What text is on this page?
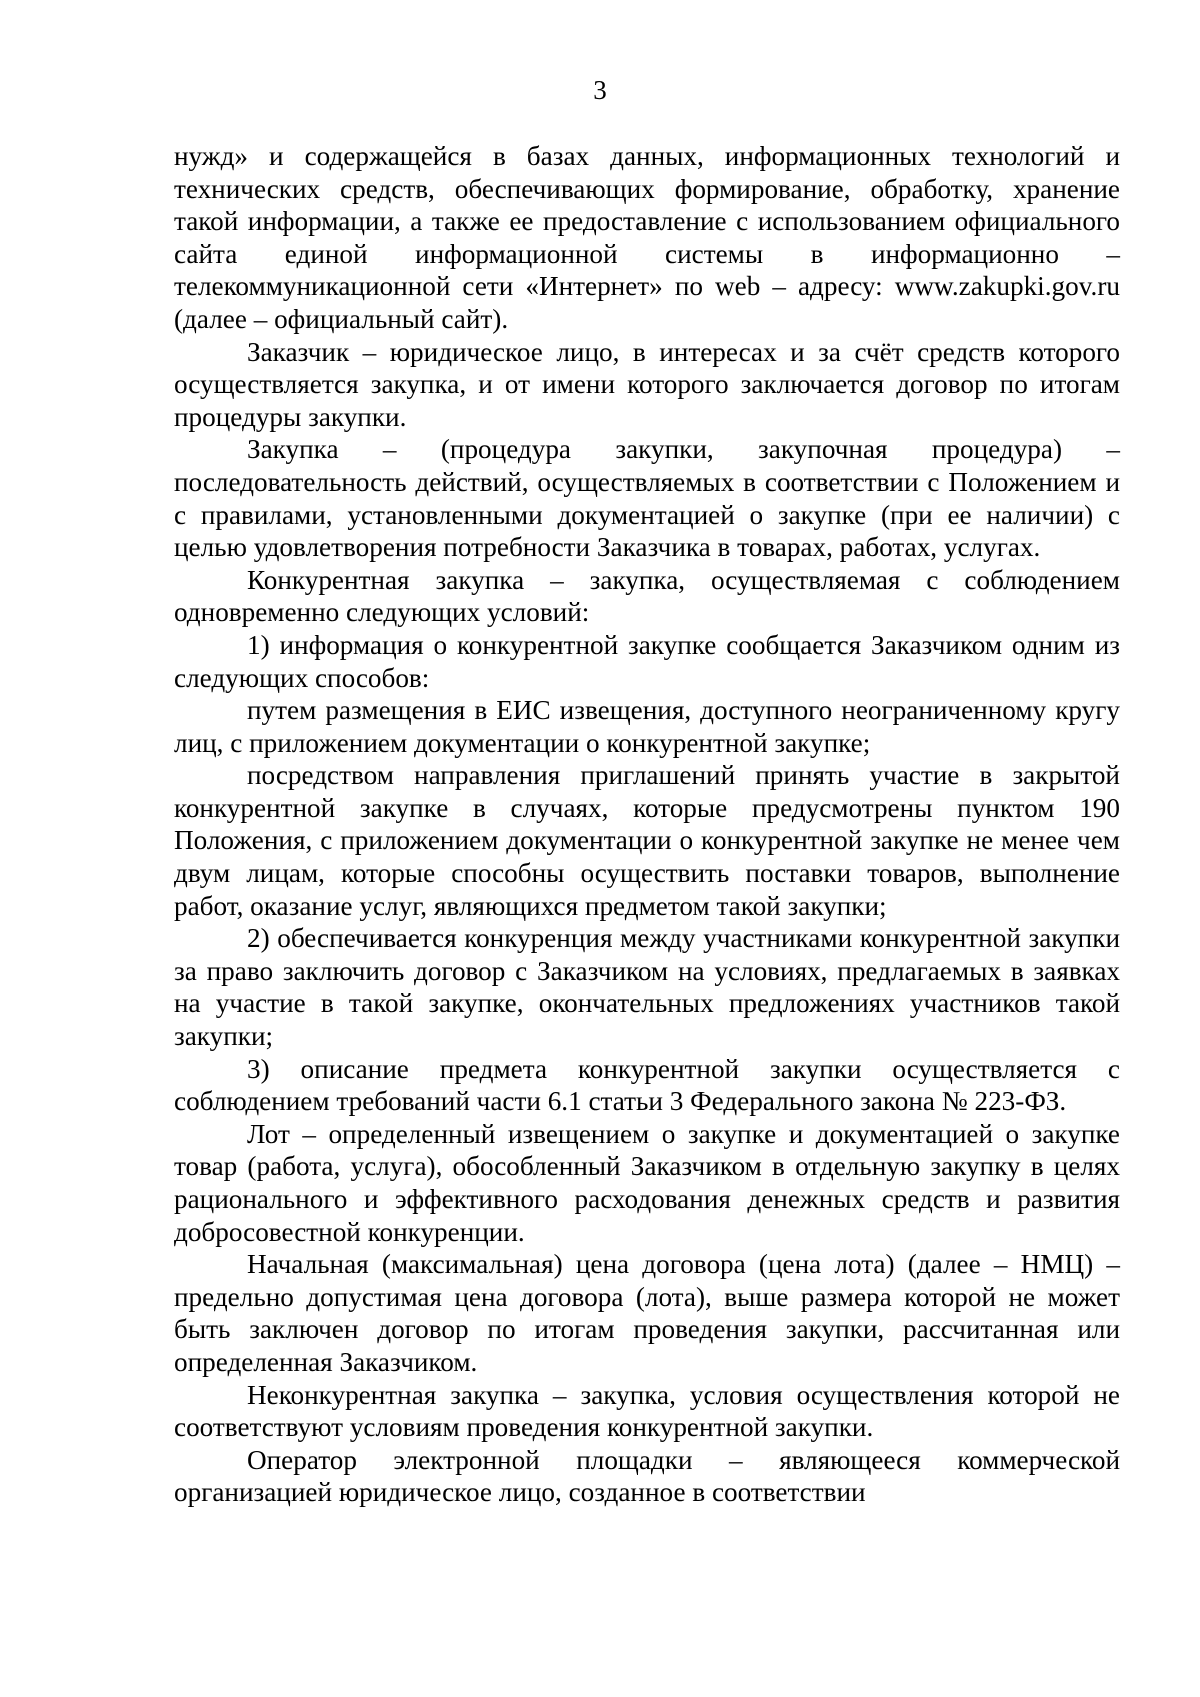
3

нужд» и содержащейся в базах данных, информационных технологий и технических средств, обеспечивающих формирование, обработку, хранение такой информации, а также ее предоставление с использованием официального сайта единой информационной системы в информационно – телекоммуникационной сети «Интернет» по web – адресу: www.zakupki.gov.ru (далее – официальный сайт).

Заказчик – юридическое лицо, в интересах и за счёт средств которого осуществляется закупка, и от имени которого заключается договор по итогам процедуры закупки.

Закупка – (процедура закупки, закупочная процедура) – последовательность действий, осуществляемых в соответствии с Положением и с правилами, установленными документацией о закупке (при ее наличии) с целью удовлетворения потребности Заказчика в товарах, работах, услугах.

Конкурентная закупка – закупка, осуществляемая с соблюдением одновременно следующих условий:

1) информация о конкурентной закупке сообщается Заказчиком одним из следующих способов:

путем размещения в ЕИС извещения, доступного неограниченному кругу лиц, с приложением документации о конкурентной закупке;

посредством направления приглашений принять участие в закрытой конкурентной закупке в случаях, которые предусмотрены пунктом 190 Положения, с приложением документации о конкурентной закупке не менее чем двум лицам, которые способны осуществить поставки товаров, выполнение работ, оказание услуг, являющихся предметом такой закупки;

2) обеспечивается конкуренция между участниками конкурентной закупки за право заключить договор с Заказчиком на условиях, предлагаемых в заявках на участие в такой закупке, окончательных предложениях участников такой закупки;

3) описание предмета конкурентной закупки осуществляется с соблюдением требований части 6.1 статьи 3 Федерального закона № 223-ФЗ.

Лот – определенный извещением о закупке и документацией о закупке товар (работа, услуга), обособленный Заказчиком в отдельную закупку в целях рационального и эффективного расходования денежных средств и развития добросовестной конкуренции.

Начальная (максимальная) цена договора (цена лота) (далее – НМЦ) – предельно допустимая цена договора (лота), выше размера которой не может быть заключен договор по итогам проведения закупки, рассчитанная или определенная Заказчиком.

Неконкурентная закупка – закупка, условия осуществления которой не соответствуют условиям проведения конкурентной закупки.

Оператор электронной площадки – являющееся коммерческой организацией юридическое лицо, созданное в соответствии
